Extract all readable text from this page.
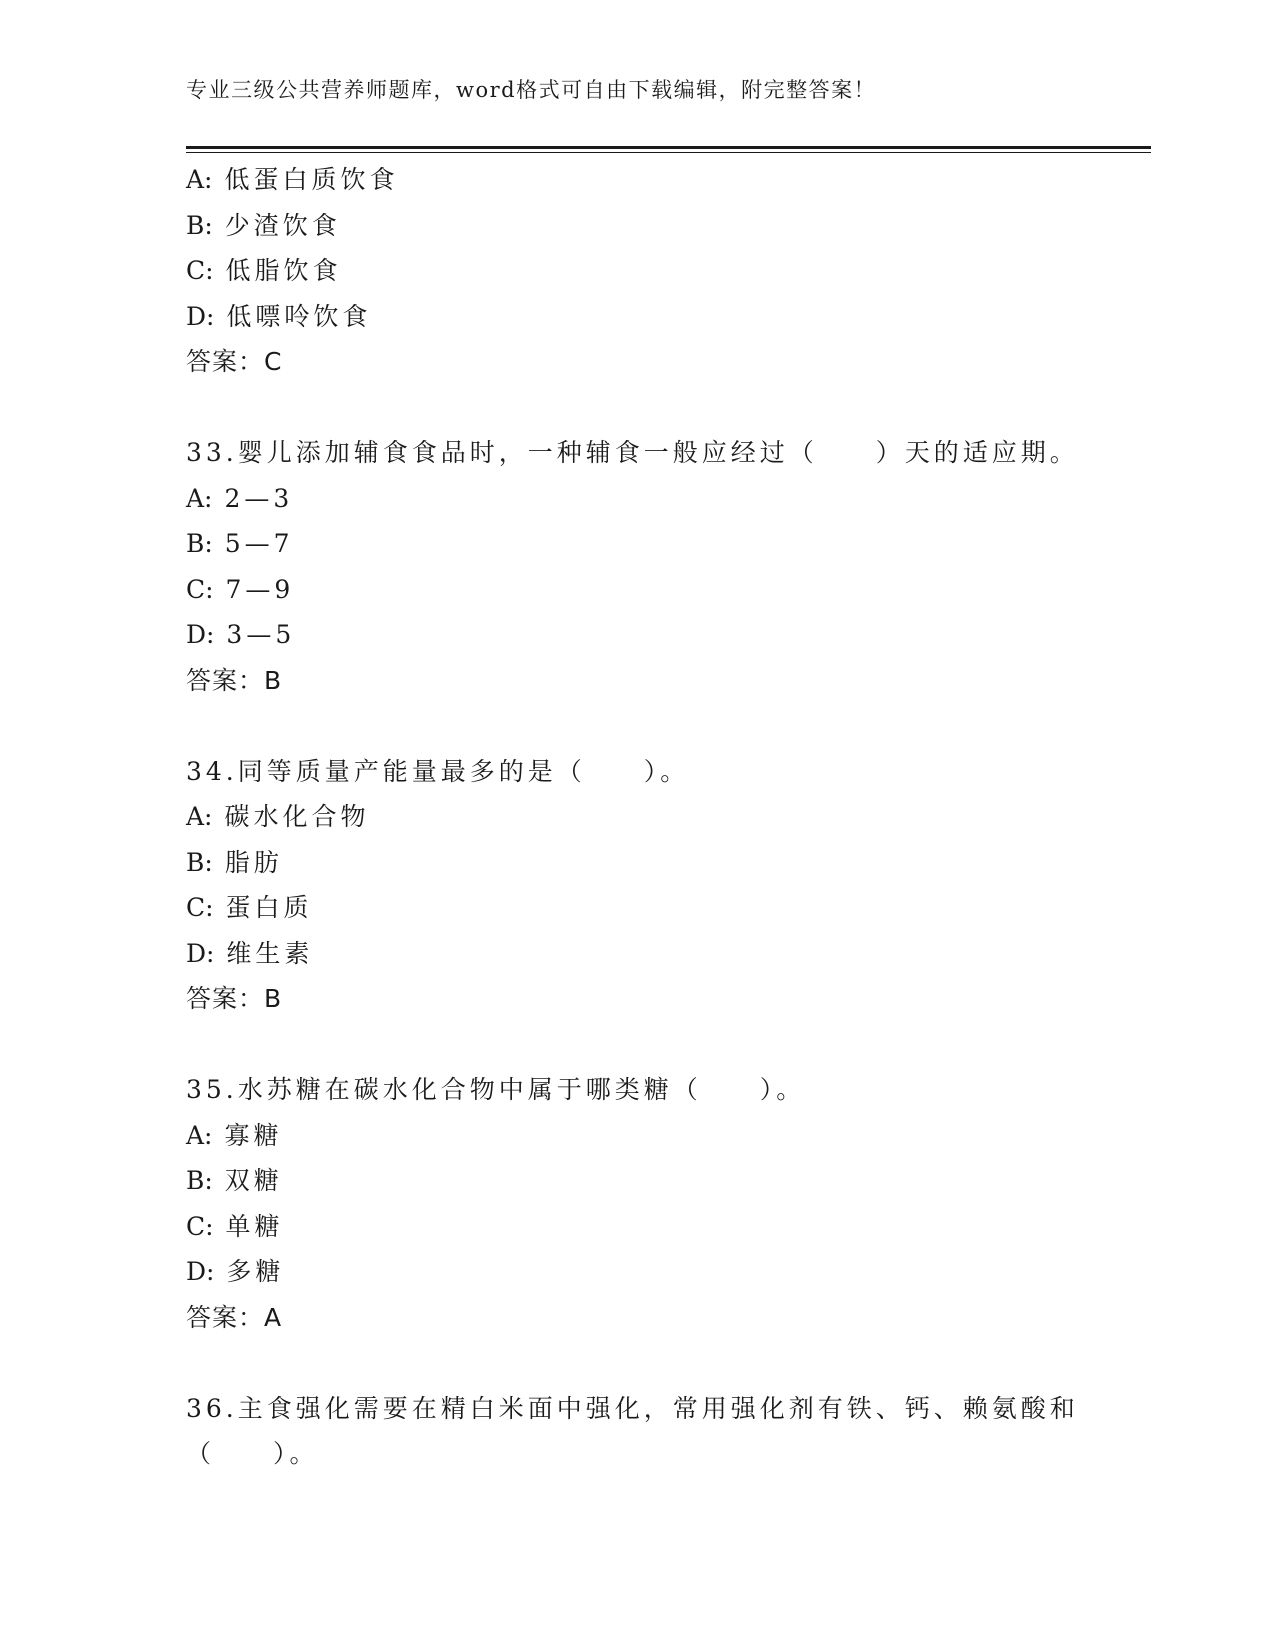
专业三级公共营养师题库，word格式可自由下载编辑，附完整答案！
A: 低蛋白质饮食
B: 少渣饮食
C: 低脂饮食
D: 低嘌呤饮食
答案：C
33.婴儿添加辅食食品时，一种辅食一般应经过（　　）天的适应期。
A: 2—3
B: 5—7
C: 7—9
D: 3—5
答案：B
34.同等质量产能量最多的是（　　）。
A: 碳水化合物
B: 脂肪
C: 蛋白质
D: 维生素
答案：B
35.水苏糖在碳水化合物中属于哪类糖（　　）。
A: 寡糖
B: 双糖
C: 单糖
D: 多糖
答案：A
36.主食强化需要在精白米面中强化，常用强化剂有铁、钙、赖氨酸和
（　　）。
